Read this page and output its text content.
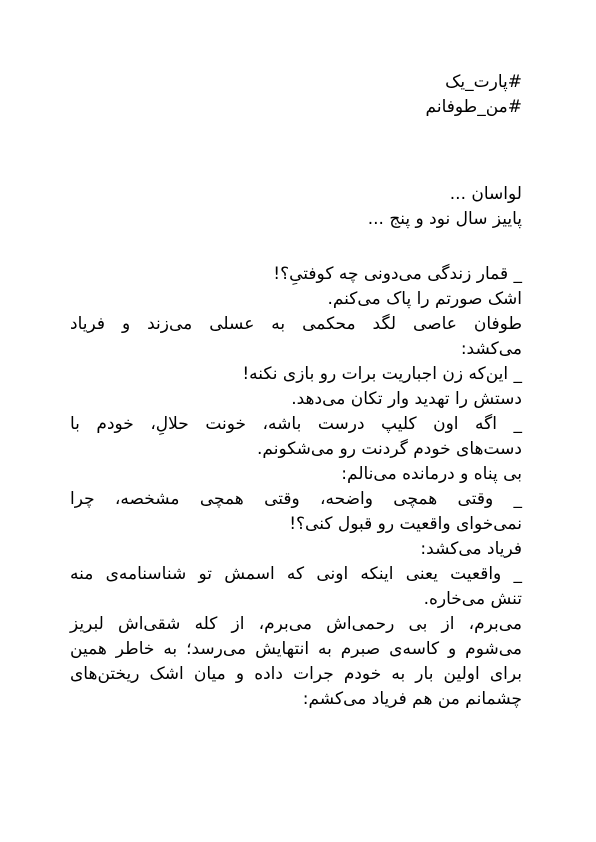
#پارت_یک
#من_طوفانم
لواسان ...
پاییز سال نود و پنج ...
_ قمار زندگی می‌دونی چه کوفتیِ؟!
اشک صورتم را پاک می‌کنم.
طوفان عاصی لگد محکمی به عسلی می‌زند و فریاد
می‌کشد:
_ این‌که زن اجباریت برات رو بازی نکنه!
دستش را تهدید وار تکان می‌دهد.
_ اگه اون کلیپ درست باشه، خونت حلالِ، خودم با
دست‌های خودم گردنت رو می‌شکونم.
بی پناه و درمانده می‌نالم:
_ وقتی همچی واضحه، وقتی همچی مشخصه، چرا
نمی‌خوای واقعیت رو قبول کنی؟!
فریاد می‌کشد:
_ واقعیت یعنی اینکه اونی که اسمش تو شناسنامه‌ی منه
تنش می‌خاره.
می‌برم، از بی رحمی‌اش می‌برم، از کله شقی‌اش لبریز
می‌شوم و کاسه‌ی صبرم به انتهایش می‌رسد؛ به خاطر همین
برای اولین بار به خودم جرات داده و میان اشک ریختن‌های
چشمانم من هم فریاد می‌کشم:
